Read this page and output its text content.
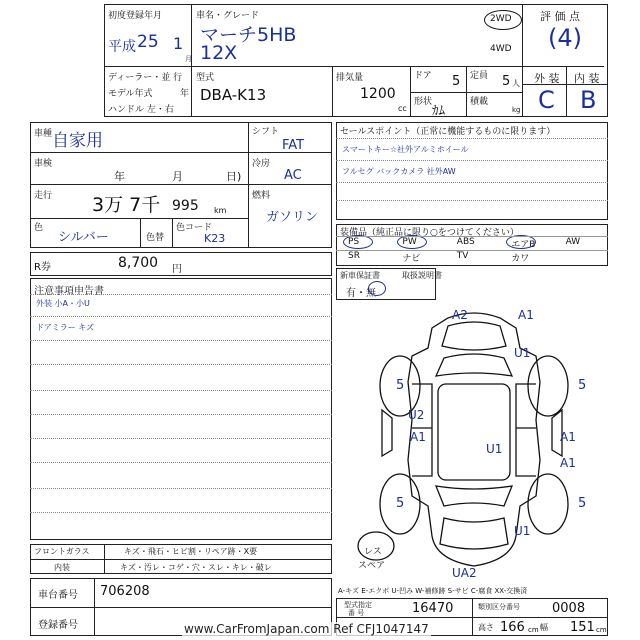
初度登録年月
平成 25 1
月
車名・グレード
マーチ5HB
12X
2WD
4WD
評 価 点
(4)
外 装 内 装
C B
ディーラー・並 行
モデル年式	年
ハンドル 左・右
型式
DBA-K13
排気量
1200
cc
ドア 5 定員 5 人
形状
ｶﾑ
積載
kg
車種 自家用
車検
年	月	日)
走行 3万 7千 995 km
色
シルバー	色替
色コード
K23
シフト
FAT
冷房
AC
燃料
ガソリン
R券	8,700 円
注意事項申告書
外装 小A・小U
ドアミラー キズ
セールスポイント（正常に機能するものに限ります）
スマートキー☆社外アルミホイール
フルセグ バックカメラ 社外AW
装備品（純正品に限り○をつけてください）
PS	PW	ABS	エアB	AW
SR	ナビ	TV	カワ
新車保証書
有・無
取扱説明書
A2	A1
U1
5	5
U2
A1	A1
U1
A1
5	5
U1
UA2
レス
スペア
フロントガラス	キズ・飛石・ヒビ割・リペア跡・X要
内装	キズ・汚レ・コゲ・穴・スレ・キレ・破レ
車台番号 706208
登録番号
A-キズ E-エクボ U-凹み W-補修跡 S-サビ C-腐食 XX-交換済
型式指定
番 号	16470	類別区分番号 0008
高さ 166 cm 幅 151 cm
www.CarFromJapan.com Ref CFJ1047147
